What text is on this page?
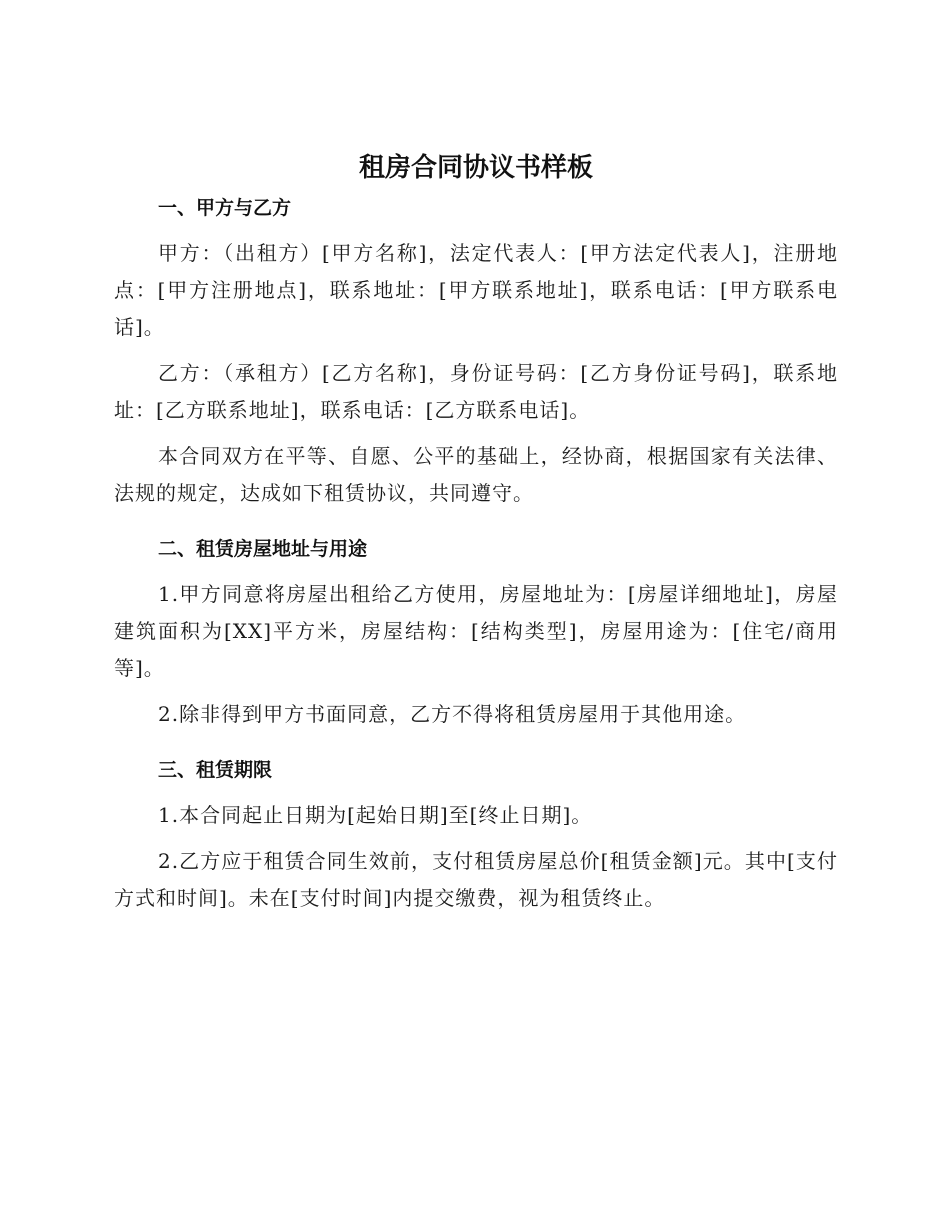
租房合同协议书样板
一、甲方与乙方

甲方：（出租方）[甲方名称]，法定代表人：[甲方法定代表人]，注册地点：[甲方注册地点]，联系地址：[甲方联系地址]，联系电话：[甲方联系电话]。

乙方：（承租方）[乙方名称]，身份证号码：[乙方身份证号码]，联系地址：[乙方联系地址]，联系电话：[乙方联系电话]。

本合同双方在平等、自愿、公平的基础上，经协商，根据国家有关法律、法规的规定，达成如下租赁协议，共同遵守。

二、租赁房屋地址与用途

1.甲方同意将房屋出租给乙方使用，房屋地址为：[房屋详细地址]，房屋建筑面积为[XX]平方米，房屋结构：[结构类型]，房屋用途为：[住宅/商用等]。

2.除非得到甲方书面同意，乙方不得将租赁房屋用于其他用途。

三、租赁期限

1.本合同起止日期为[起始日期]至[终止日期]。

2.乙方应于租赁合同生效前，支付租赁房屋总价[租赁金额]元。其中[支付方式和时间]。未在[支付时间]内提交缴费，视为租赁终止。
